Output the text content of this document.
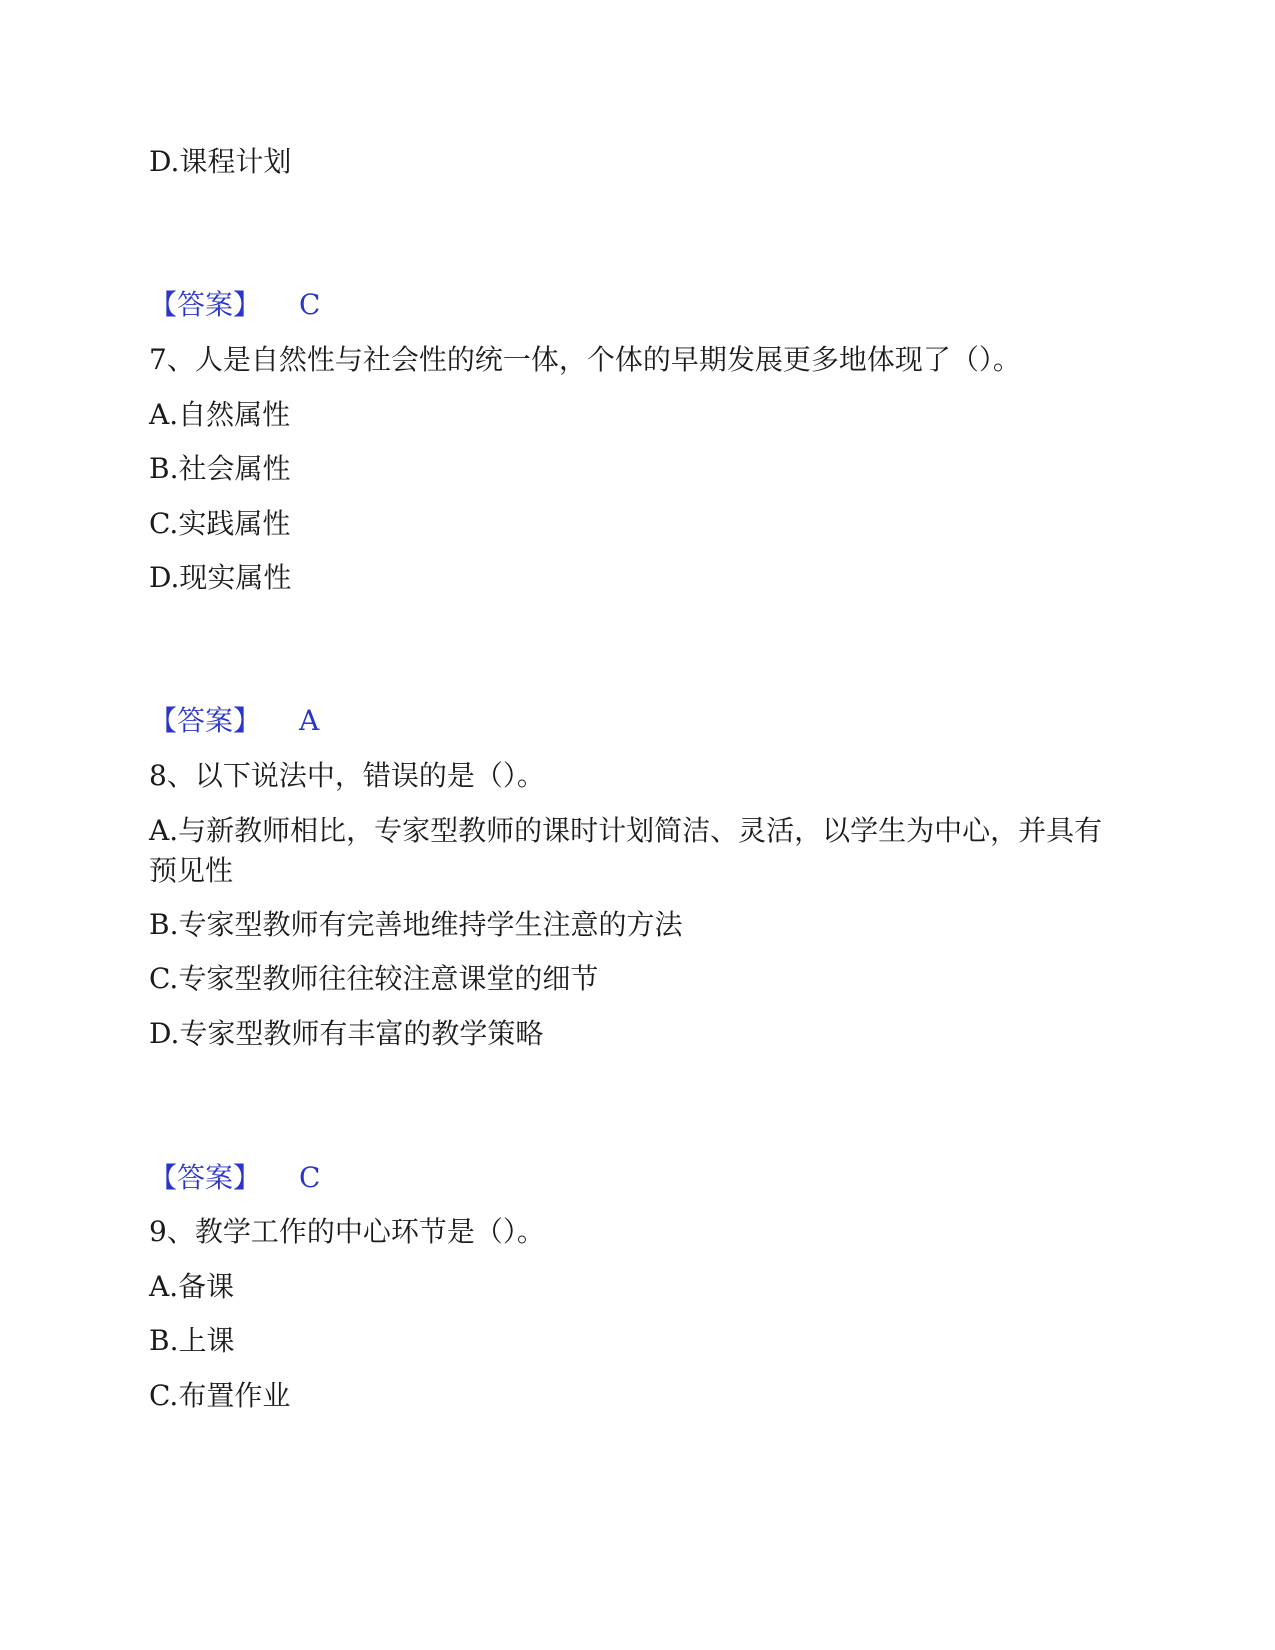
D.课程计划

【答案】 C

7、人是自然性与社会性的统一体，个体的早期发展更多地体现了（）。

A.自然属性

B.社会属性

C.实践属性

D.现实属性

【答案】 A

8、以下说法中，错误的是（）。

A.与新教师相比，专家型教师的课时计划简洁、灵活，以学生为中心，并具有预见性

B.专家型教师有完善地维持学生注意的方法

C.专家型教师往往较注意课堂的细节

D.专家型教师有丰富的教学策略

【答案】 C

9、教学工作的中心环节是（）。

A.备课

B.上课

C.布置作业
